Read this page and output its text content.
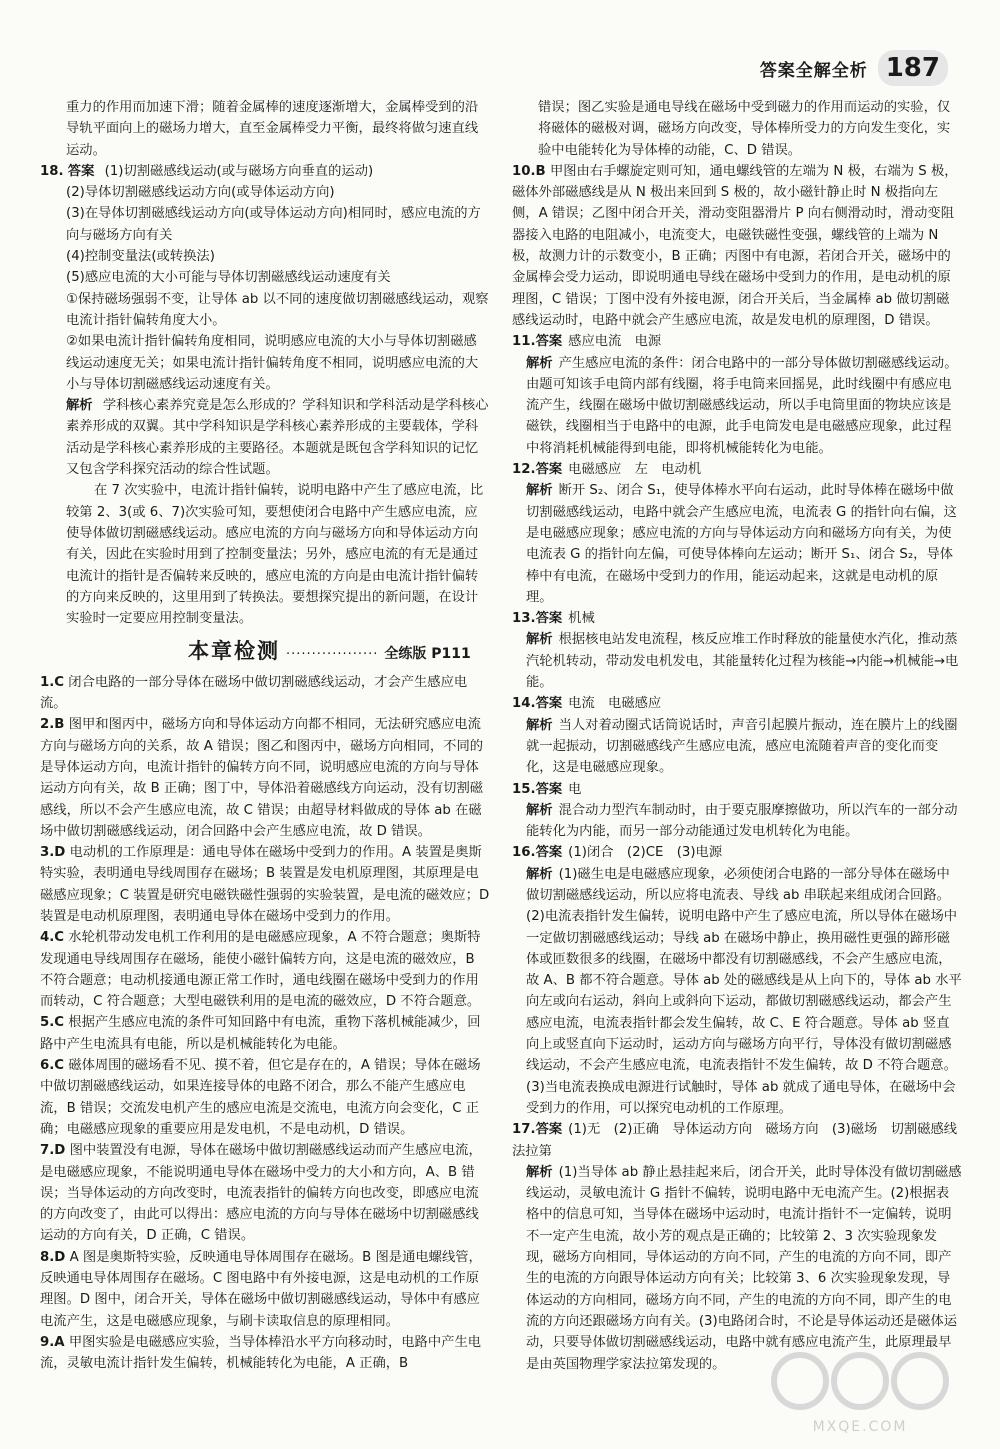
答案全解全析 187

重力的作用而加速下滑；随着金属棒的速度逐渐增大，金属棒受到的沿导轨平面向上的磁场力增大，直至金属棒受力平衡，最终将做匀速直线运动。

18. 答案 (1)切割磁感线运动(或与磁场方向垂直的运动)

(2)导体切割磁感线运动方向(或导体运动方向)

(3)在导体切割磁感线运动方向(或导体运动方向)相同时，感应电流的方向与磁场方向有关

(4)控制变量法(或转换法)

(5)感应电流的大小可能与导体切割磁感线运动速度有关

①保持磁场强弱不变，让导体 ab 以不同的速度做切割磁感线运动，观察电流计指针偏转角度大小。

②如果电流计指针偏转角度相同，说明感应电流的大小与导体切割磁感线运动速度无关；如果电流计指针偏转角度不相同，说明感应电流的大小与导体切割磁感线运动速度有关。

解析 学科核心素养究竟是怎么形成的？学科知识和学科活动是学科核心素养形成的双翼。其中学科知识是学科核心素养形成的主要载体，学科活动是学科核心素养形成的主要路径。本题就是既包含学科知识的记忆又包含学科探究活动的综合性试题。

在 7 次实验中，电流计指针偏转，说明电路中产生了感应电流，比较第 2、3(或 6、7)次实验可知，要想使闭合电路中产生感应电流，应使导体做切割磁感线运动。感应电流的方向与磁场方向和导体运动方向有关，因此在实验时用到了控制变量法；另外，感应电流的有无是通过电流计的指针是否偏转来反映的，感应电流的方向是由电流计指针偏转的方向来反映的，这里用到了转换法。要想探究提出的新问题，在设计实验时一定要应用控制变量法。

本章检测 ·················· 全练版 P111

1.C 闭合电路的一部分导体在磁场中做切割磁感线运动，才会产生感应电流。

2.B 图甲和图丙中，磁场方向和导体运动方向都不相同，无法研究感应电流方向与磁场方向的关系，故 A 错误；图乙和图丙中，磁场方向相同，不同的是导体运动方向，电流计指针的偏转方向不同，说明感应电流的方向与导体运动方向有关，故 B 正确；图丁中，导体沿着磁感线方向运动，没有切割磁感线，所以不会产生感应电流，故 C 错误；由超导材料做成的导体 ab 在磁场中做切割磁感线运动，闭合回路中会产生感应电流，故 D 错误。

3.D 电动机的工作原理是：通电导体在磁场中受到力的作用。A 装置是奥斯特实验，表明通电导线周围存在磁场；B 装置是发电机原理图，其原理是电磁感应现象；C 装置是研究电磁铁磁性强弱的实验装置，是电流的磁效应；D 装置是电动机原理图，表明通电导体在磁场中受到力的作用。

4.C 水轮机带动发电机工作利用的是电磁感应现象，A 不符合题意；奥斯特发现通电导线周围存在磁场，能使小磁针偏转方向，这是电流的磁效应，B 不符合题意；电动机接通电源正常工作时，通电线圈在磁场中受到力的作用而转动，C 符合题意；大型电磁铁利用的是电流的磁效应，D 不符合题意。

5.C 根据产生感应电流的条件可知回路中有电流，重物下落机械能减少，回路中产生电流具有电能，所以是机械能转化为电能。

6.C 磁体周围的磁场看不见、摸不着，但它是存在的，A 错误；导体在磁场中做切割磁感线运动，如果连接导体的电路不闭合，那么不能产生感应电流，B 错误；交流发电机产生的感应电流是交流电，电流方向会变化，C 正确；电磁感应现象的重要应用是发电机，不是电动机，D 错误。

7.D 图中装置没有电源，导体在磁场中做切割磁感线运动而产生感应电流，是电磁感应现象，不能说明通电导体在磁场中受力的大小和方向，A、B 错误；当导体运动的方向改变时，电流表指针的偏转方向也改变，即感应电流的方向改变了，由此可以得出：感应电流的方向与导体在磁场中切割磁感线运动的方向有关，D 正确，C 错误。

8.D A 图是奥斯特实验，反映通电导体周围存在磁场。B 图是通电螺线管，反映通电导体周围存在磁场。C 图电路中有外接电源，这是电动机的工作原理图。D 图中，闭合开关，导体在磁场中做切割磁感线运动，导体中有感应电流产生，这是电磁感应现象，与刷卡读取信息的原理相同。

9.A 甲图实验是电磁感应实验，当导体棒沿水平方向移动时，电路中产生电流，灵敏电流计指针发生偏转，机械能转化为电能，A 正确，B

错误；图乙实验是通电导线在磁场中受到磁力的作用而运动的实验，仅将磁体的磁极对调，磁场方向改变，导体棒所受力的方向发生变化，实验中电能转化为导体棒的动能，C、D 错误。

10.B 甲图由右手螺旋定则可知，通电螺线管的左端为 N 极，右端为 S 极，磁体外部磁感线是从 N 极出来回到 S 极的，故小磁针静止时 N 极指向左侧，A 错误；乙图中闭合开关，滑动变阻器滑片 P 向右侧滑动时，滑动变阻器接入电路的电阻减小，电流变大，电磁铁磁性变强，螺线管的上端为 N 极，故测力计的示数变小，B 正确；丙图中有电源，若闭合开关，磁场中的金属棒会受力运动，即说明通电导线在磁场中受到力的作用，是电动机的原理图，C 错误；丁图中没有外接电源，闭合开关后，当金属棒 ab 做切割磁感线运动时，电路中就会产生感应电流，故是发电机的原理图，D 错误。

11.答案 感应电流　电源

解析 产生感应电流的条件：闭合电路中的一部分导体做切割磁感线运动。由题可知该手电筒内部有线圈，将手电筒来回摇晃，此时线圈中有感应电流产生，线圈在磁场中做切割磁感线运动，所以手电筒里面的物块应该是磁铁，线圈相当于电路中的电源，此手电筒发电是电磁感应现象，此过程中将消耗机械能得到电能，即将机械能转化为电能。

12.答案 电磁感应　左　电动机

解析 断开 S₂、闭合 S₁，使导体棒水平向右运动，此时导体棒在磁场中做切割磁感线运动，电路中就会产生感应电流，电流表 G 的指针向右偏，这是电磁感应现象；感应电流的方向与导体运动方向和磁场方向有关，为使电流表 G 的指针向左偏，可使导体棒向左运动；断开 S₁、闭合 S₂，导体棒中有电流，在磁场中受到力的作用，能运动起来，这就是电动机的原理。

13.答案 机械

解析 根据核电站发电流程，核反应堆工作时释放的能量使水汽化，推动蒸汽轮机转动，带动发电机发电，其能量转化过程为核能→内能→机械能→电能。

14.答案 电流　电磁感应

解析 当人对着动圈式话筒说话时，声音引起膜片振动，连在膜片上的线圈就一起振动，切割磁感线产生感应电流，感应电流随着声音的变化而变化，这是电磁感应现象。

15.答案 电

解析 混合动力型汽车制动时，由于要克服摩擦做功，所以汽车的一部分动能转化为内能，而另一部分动能通过发电机转化为电能。

16.答案 (1)闭合　(2)CE　(3)电源

解析 (1)磁生电是电磁感应现象，必须使闭合电路的一部分导体在磁场中做切割磁感线运动，所以应将电流表、导线 ab 串联起来组成闭合回路。(2)电流表指针发生偏转，说明电路中产生了感应电流，所以导体在磁场中一定做切割磁感线运动；导线 ab 在磁场中静止，换用磁性更强的蹄形磁体或匝数很多的线圈，在磁场中都没有切割磁感线，不会产生感应电流，故 A、B 都不符合题意。导体 ab 处的磁感线是从上向下的，导体 ab 水平向左或向右运动，斜向上或斜向下运动，都做切割磁感线运动，都会产生感应电流，电流表指针都会发生偏转，故 C、E 符合题意。导体 ab 竖直向上或竖直向下运动时，运动方向与磁场方向平行，导体没有做切割磁感线运动，不会产生感应电流，电流表指针不发生偏转，故 D 不符合题意。(3)当电流表换成电源进行试触时，导体 ab 就成了通电导体，在磁场中会受到力的作用，可以探究电动机的工作原理。

17.答案 (1)无　(2)正确　导体运动方向　磁场方向　(3)磁场　切割磁感线　法拉第

解析 (1)当导体 ab 静止悬挂起来后，闭合开关，此时导体没有做切割磁感线运动，灵敏电流计 G 指针不偏转，说明电路中无电流产生。(2)根据表格中的信息可知，当导体在磁场中运动时，电流计指针不一定偏转，说明不一定产生电流，故小芳的观点是正确的；比较第 2、3 次实验现象发现，磁场方向相同，导体运动的方向不同，产生的电流的方向不同，即产生的电流的方向跟导体运动方向有关；比较第 3、6 次实验现象发现，导体运动的方向相同，磁场方向不同，产生的电流的方向不同，即产生的电流的方向还跟磁场方向有关。(3)电路闭合时，不论是导体运动还是磁体运动，只要导体做切割磁感线运动，电路中就有感应电流产生，此原理最早是由英国物理学家法拉第发现的。

MXQE.COM
